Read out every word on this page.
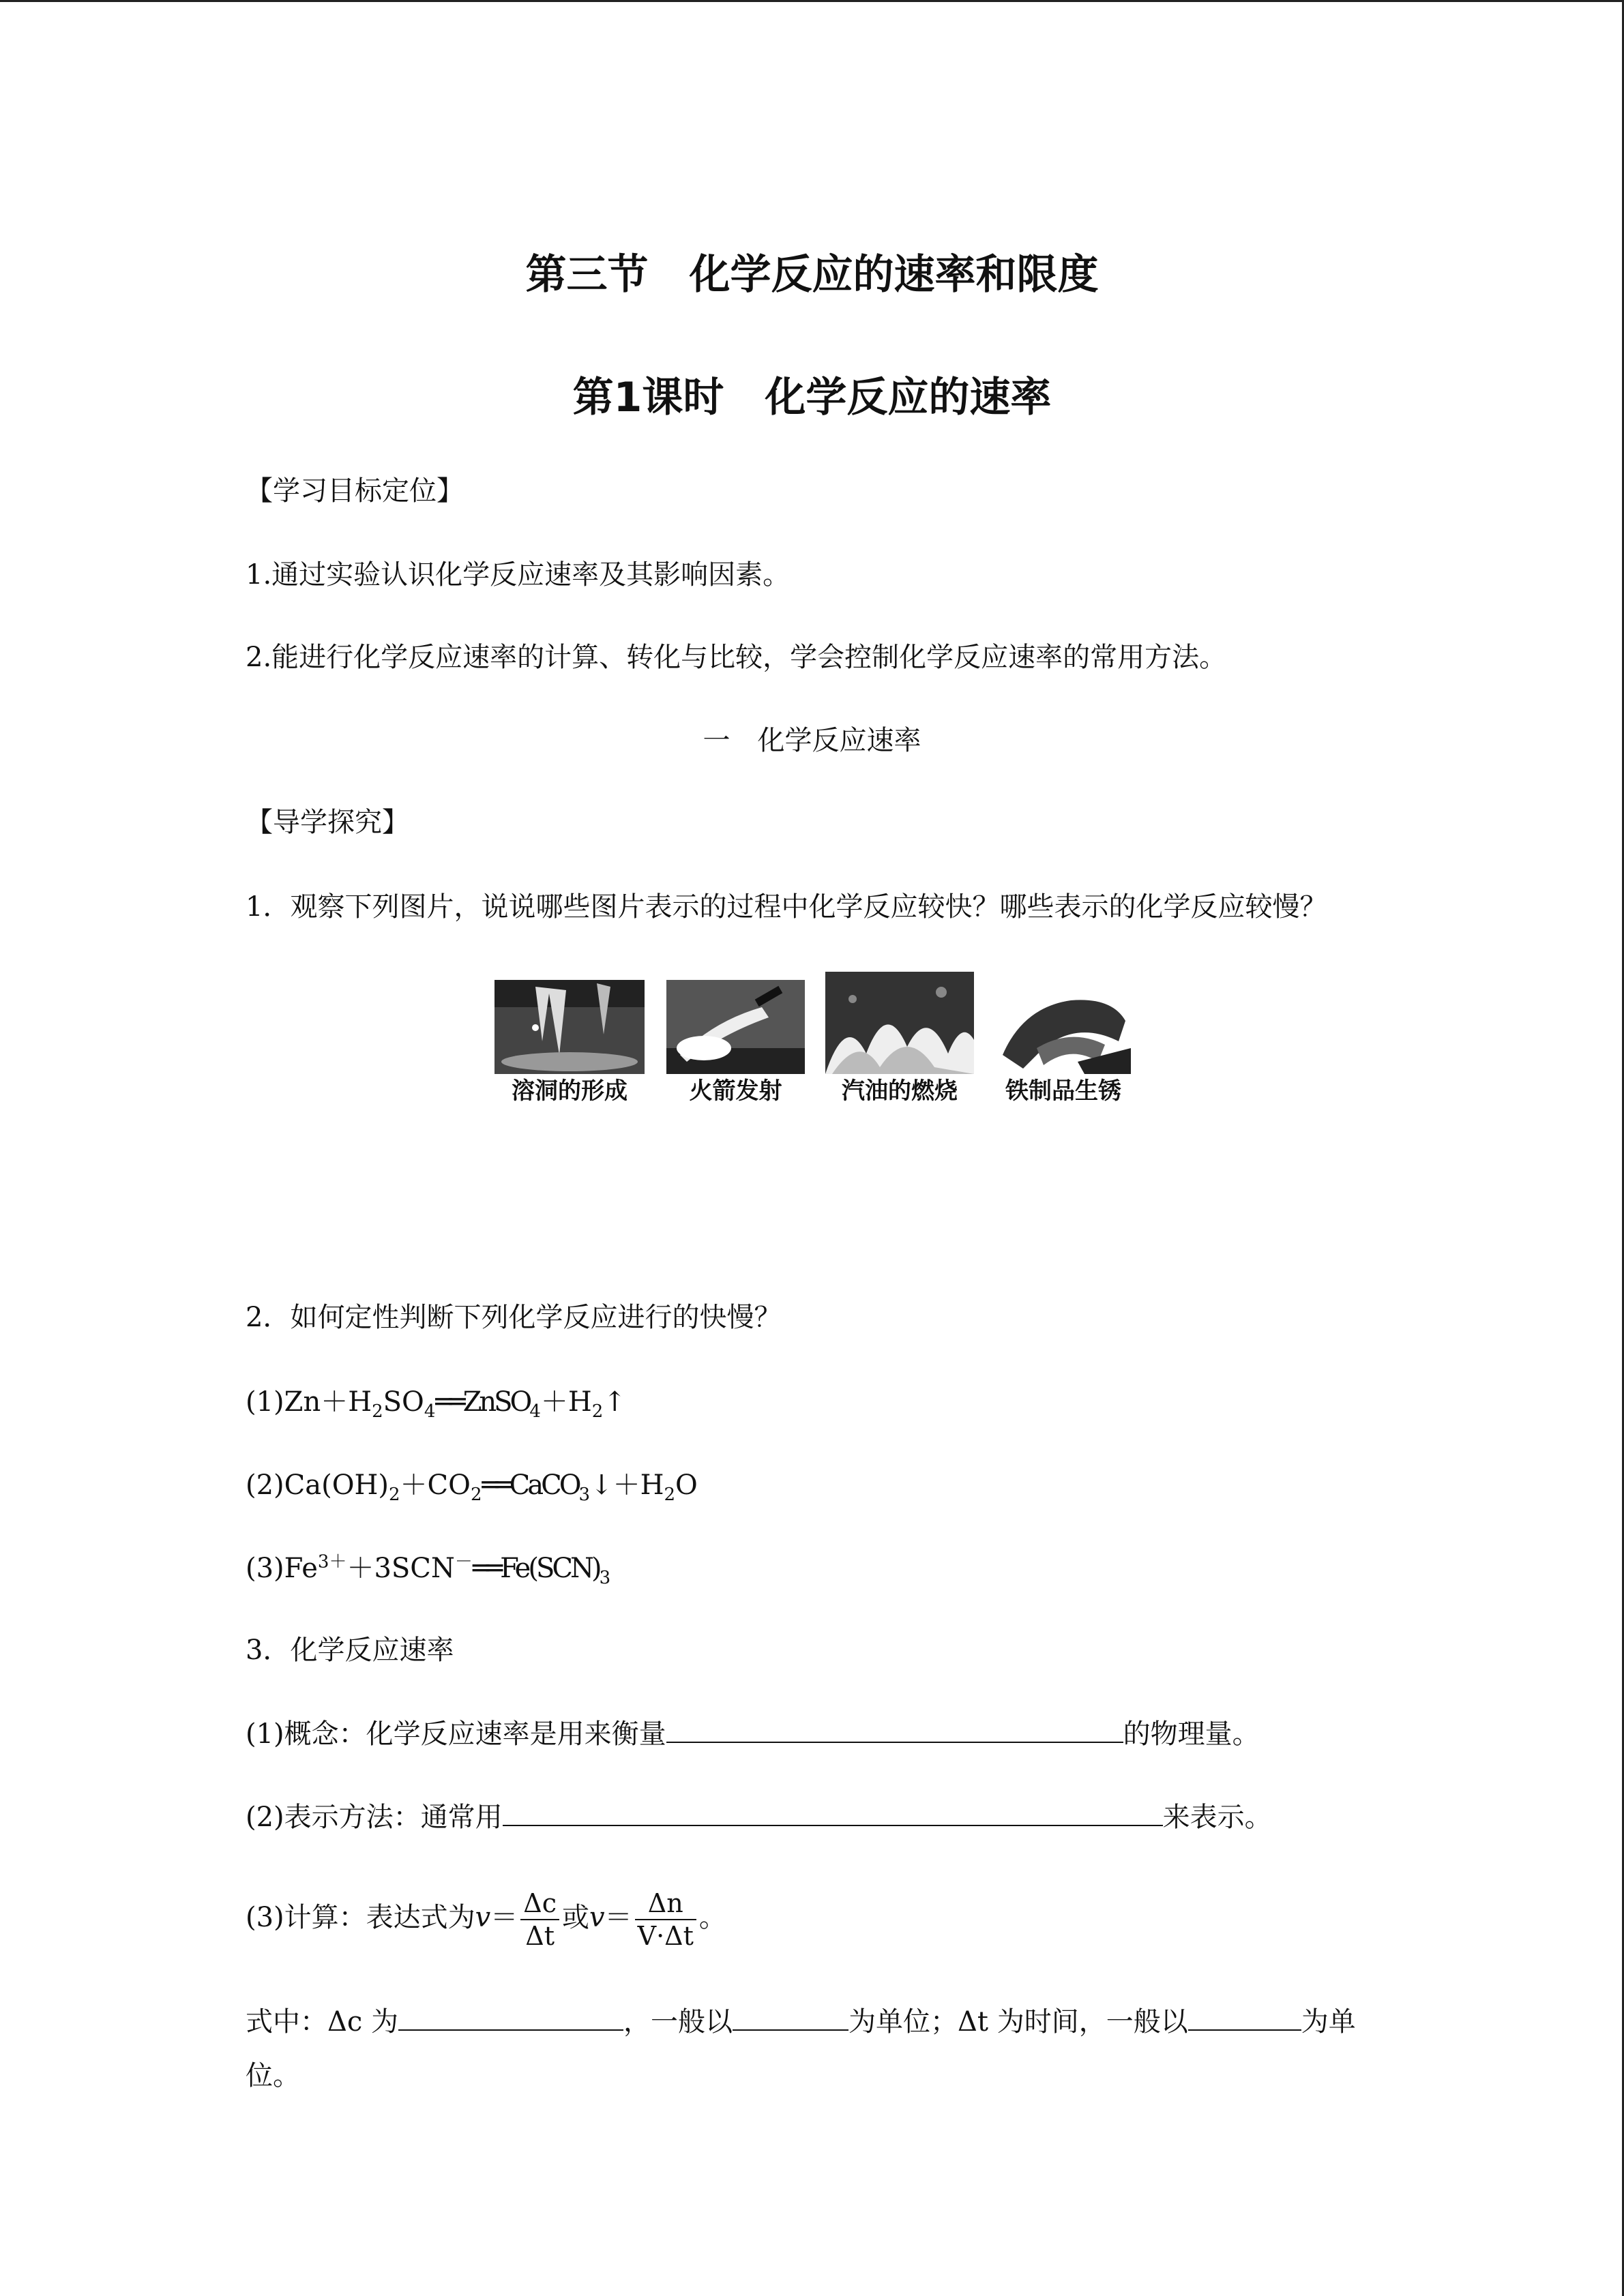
第三节　化学反应的速率和限度
第1课时　化学反应的速率
【学习目标定位】
1.通过实验认识化学反应速率及其影响因素。
2.能进行化学反应速率的计算、转化与比较，学会控制化学反应速率的常用方法。
一　化学反应速率
【导学探究】
1．观察下列图片，说说哪些图片表示的过程中化学反应较快？哪些表示的化学反应较慢？
溶洞的形成	火箭发射	汽油的燃烧	铁制品生锈
2．如何定性判断下列化学反应进行的快慢？
$(1)Zn+H_2SO_4══ZnSO_4+H_2↑$
$(2)Ca(OH)_2+CO_2══CaCO_3↓+H_2O$
$(3)Fe^{3+}+3SCN^-══Fe(SCN)_3$
3．化学反应速率
(1)概念：化学反应速率是用来衡量	的物理量。
(2)表示方法：通常用	来表示。
(3)计算：表达式为$v= \frac{\Delta c}{\Delta t}$ 或$v= \frac{\Delta n}{V\cdot\Delta t}$ 。
式中：Δc 为	，一般以	为单位；Δt 为时间，一般以	为单
位。
